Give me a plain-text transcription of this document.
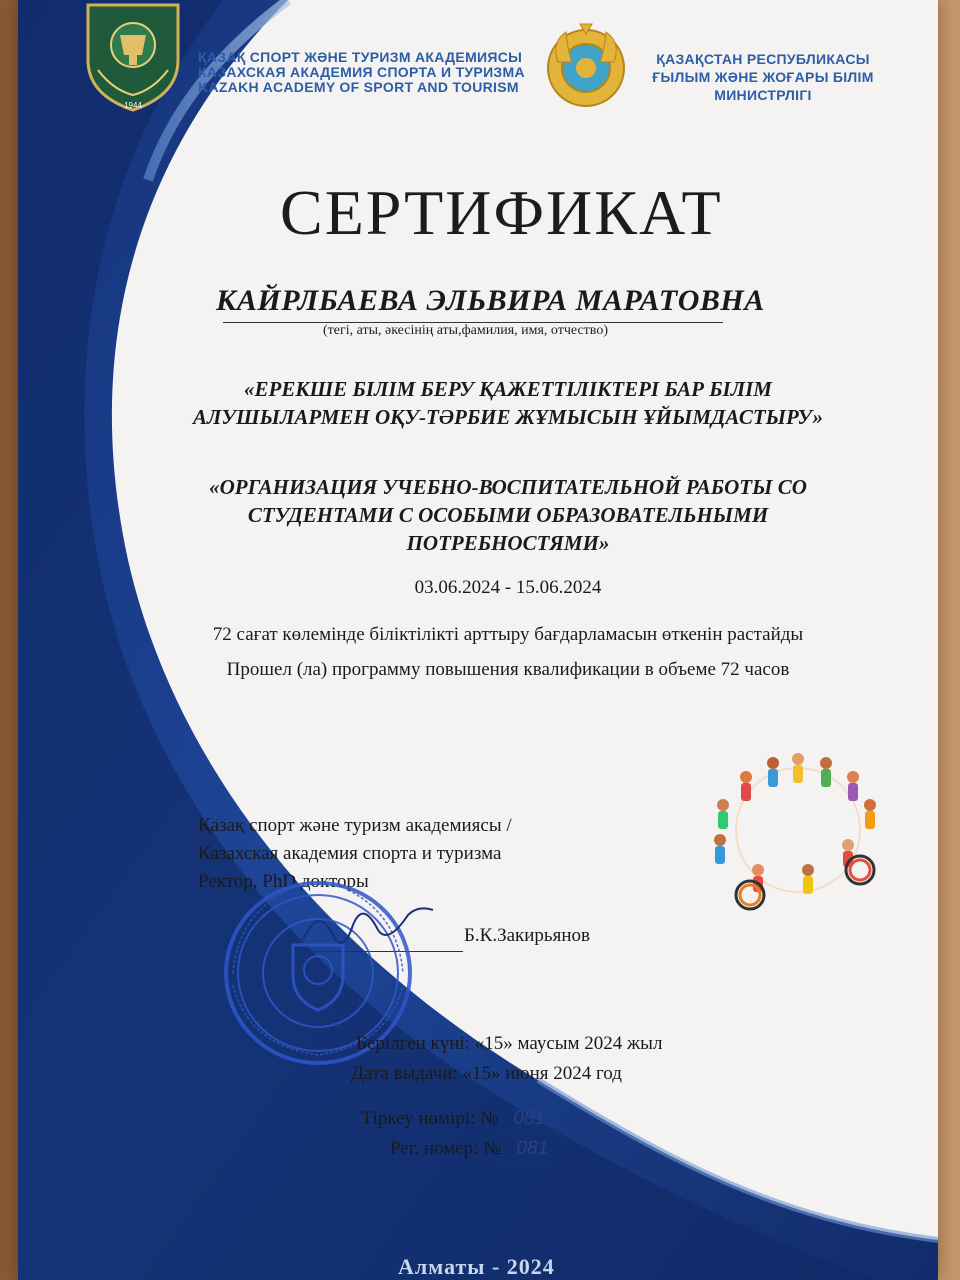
1944
ҚАЗАҚ СПОРТ ЖӘНЕ ТУРИЗМ АКАДЕМИЯСЫ
КАЗАХСКАЯ АКАДЕМИЯ СПОРТА И ТУРИЗМА
KAZAKH ACADEMY OF SPORT AND TOURISM
ҚАЗАҚСТАН РЕСПУБЛИКАСЫ
ҒЫЛЫМ ЖӘНЕ ЖОҒАРЫ БІЛІМ
МИНИСТРЛІГІ
СЕРТИФИКАТ
КАЙРЛБАЕВА ЭЛЬВИРА МАРАТОВНА
(тегі, аты, әкесінің аты,фамилия, имя, отчество)
«ЕРЕКШЕ БІЛІМ БЕРУ ҚАЖЕТТІЛІКТЕРІ БАР БІЛІМ
АЛУШЫЛАРМЕН ОҚУ-ТӘРБИЕ ЖҰМЫСЫН ҰЙЫМДАСТЫРУ»
«ОРГАНИЗАЦИЯ УЧЕБНО-ВОСПИТАТЕЛЬНОЙ РАБОТЫ СО
СТУДЕНТАМИ С ОСОБЫМИ ОБРАЗОВАТЕЛЬНЫМИ
ПОТРЕБНОСТЯМИ»
03.06.2024 - 15.06.2024
72 сағат көлемінде біліктілікті арттыру бағдарламасын өткенін растайды
Прошел (ла) программу повышения квалификации в объеме 72 часов
Қазақ спорт және туризм академиясы /
Казахская академия спорта и туризма
Ректор, PhD докторы
Б.К.Закирьянов
Берілген күні: «15» маусым 2024 жыл
Дата выдачи: «15» июня 2024 год
Тіркеу нөмірі: № 081
Рег. номер: № 081
Алматы - 2024
